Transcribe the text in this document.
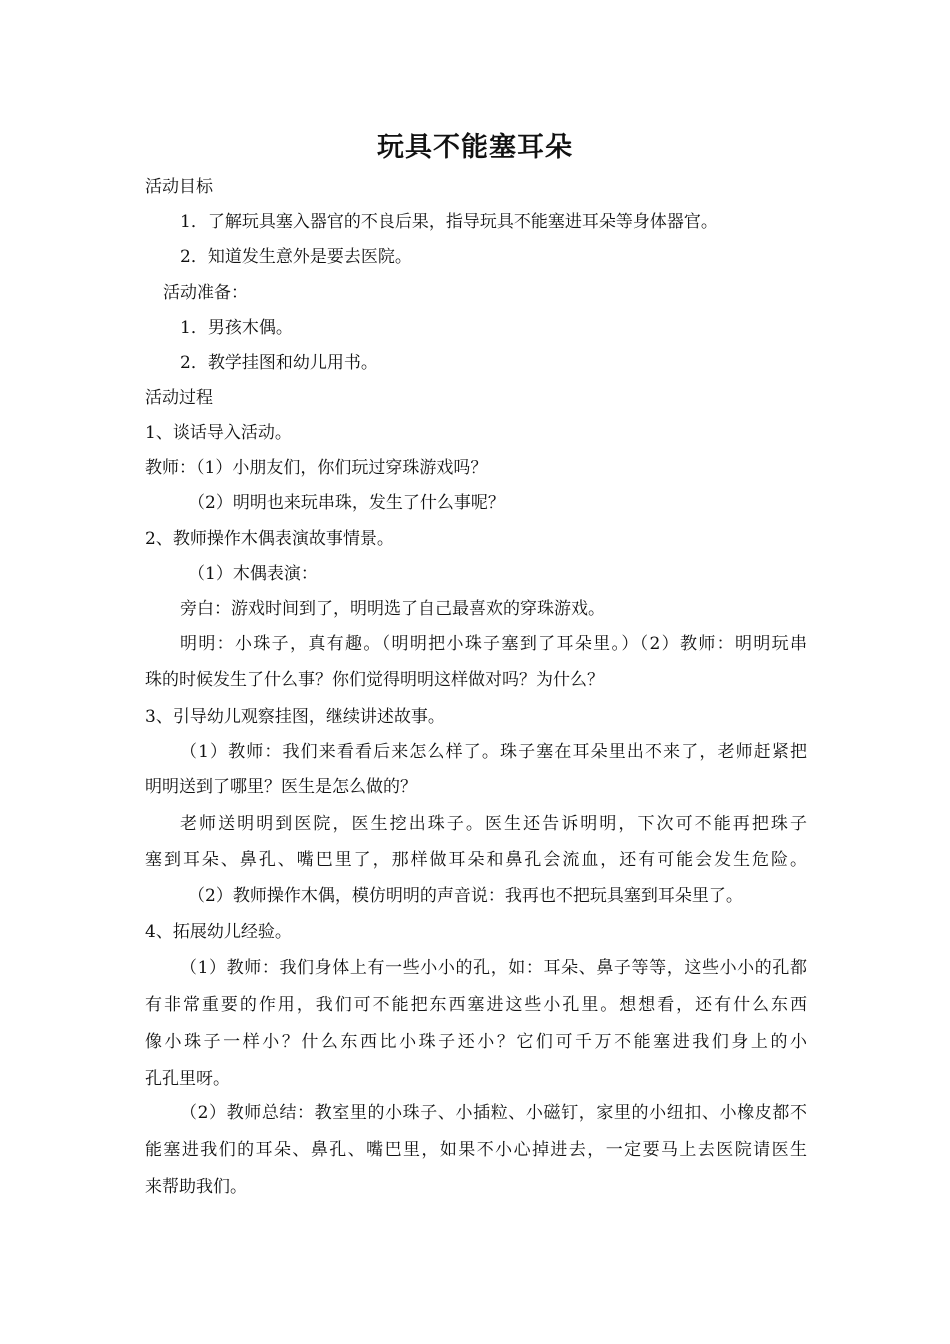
玩具不能塞耳朵
活动目标
1．了解玩具塞入器官的不良后果，指导玩具不能塞进耳朵等身体器官。
2．知道发生意外是要去医院。
活动准备：
1．男孩木偶。
2．教学挂图和幼儿用书。
活动过程
1、谈话导入活动。
教师：（1）小朋友们，你们玩过穿珠游戏吗？
（2）明明也来玩串珠，发生了什么事呢？
2、教师操作木偶表演故事情景。
（1）木偶表演：
旁白：游戏时间到了，明明选了自己最喜欢的穿珠游戏。
明明：小珠子，真有趣。（明明把小珠子塞到了耳朵里。）（2）教师：明明玩串
珠的时候发生了什么事？你们觉得明明这样做对吗？为什么？
3、引导幼儿观察挂图，继续讲述故事。
（1）教师：我们来看看后来怎么样了。珠子塞在耳朵里出不来了，老师赶紧把
明明送到了哪里？医生是怎么做的？
老师送明明到医院，医生挖出珠子。医生还告诉明明，下次可不能再把珠子
塞到耳朵、鼻孔、嘴巴里了，那样做耳朵和鼻孔会流血，还有可能会发生危险。
（2）教师操作木偶，模仿明明的声音说：我再也不把玩具塞到耳朵里了。
4、拓展幼儿经验。
（1）教师：我们身体上有一些小小的孔，如：耳朵、鼻子等等，这些小小的孔都
有非常重要的作用，我们可不能把东西塞进这些小孔里。想想看，还有什么东西
像小珠子一样小？什么东西比小珠子还小？它们可千万不能塞进我们身上的小
孔孔里呀。
（2）教师总结：教室里的小珠子、小插粒、小磁钉，家里的小纽扣、小橡皮都不
能塞进我们的耳朵、鼻孔、嘴巴里，如果不小心掉进去，一定要马上去医院请医生
来帮助我们。
